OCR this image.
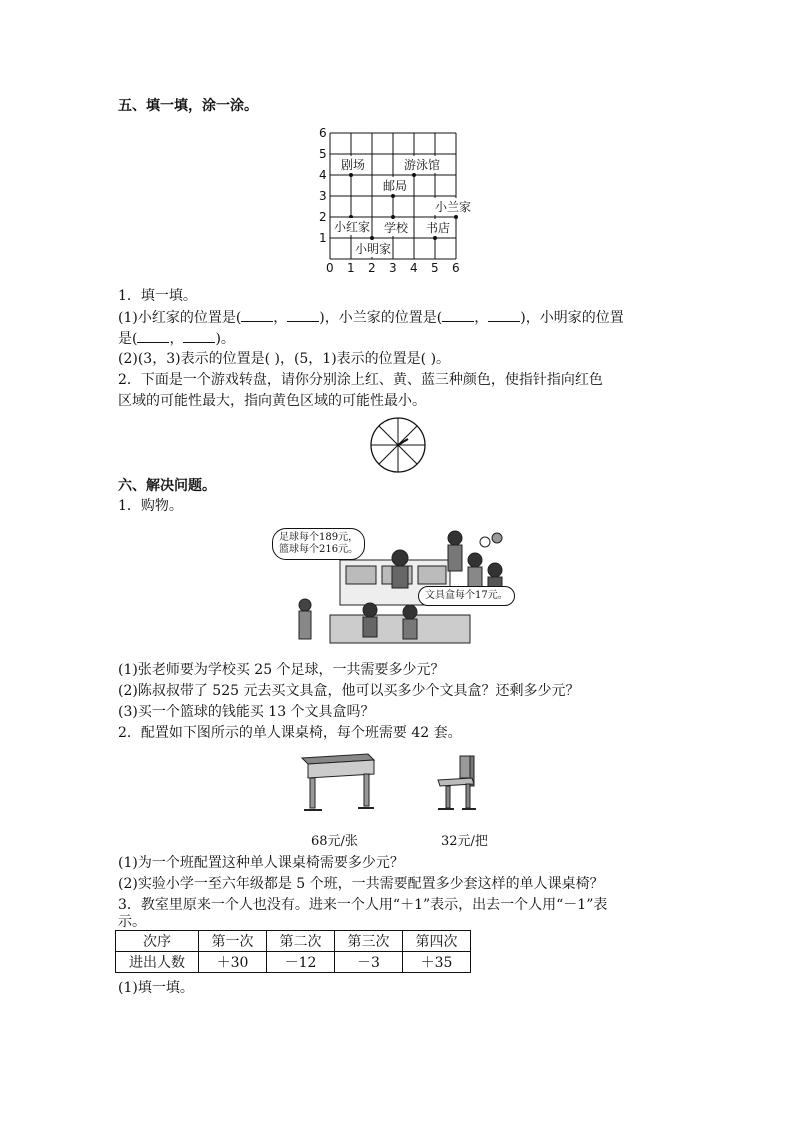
五、填一填，涂一涂。
6
5
4
3
2
1
0 1 2 3 4 5 6
剧场	游泳馆
邮局
小兰家
小红家 学校 书店
小明家
1．填一填。
(1)小红家的位置是( ， )，小兰家的位置是( ， )，小明家的位置
是( ， )。
(2)(3，3)表示的位置是( )，(5，1)表示的位置是( )。
2．下面是一个游戏转盘，请你分别涂上红、黄、蓝三种颜色，使指针指向红色
区域的可能性最大，指向黄色区域的可能性最小。
六、解决问题。
1．购物。
足球每个189元，
篮球每个216元。
文具盒每个17元。
(1)张老师要为学校买 25 个足球，一共需要多少元？
(2)陈叔叔带了 525 元去买文具盒，他可以买多少个文具盒？还剩多少元？
(3)买一个篮球的钱能买 13 个文具盒吗？
2．配置如下图所示的单人课桌椅，每个班需要 42 套。
68元/张	32元/把
(1)为一个班配置这种单人课桌椅需要多少元？
(2)实验小学一至六年级都是 5 个班，一共需要配置多少套这样的单人课桌椅？
3．教室里原来一个人也没有。进来一个人用“＋1”表示，出去一个人用“－1”表
示。
次序	第一次	第二次	第三次	第四次
进出人数	＋30	－12	－3	＋35
(1)填一填。
